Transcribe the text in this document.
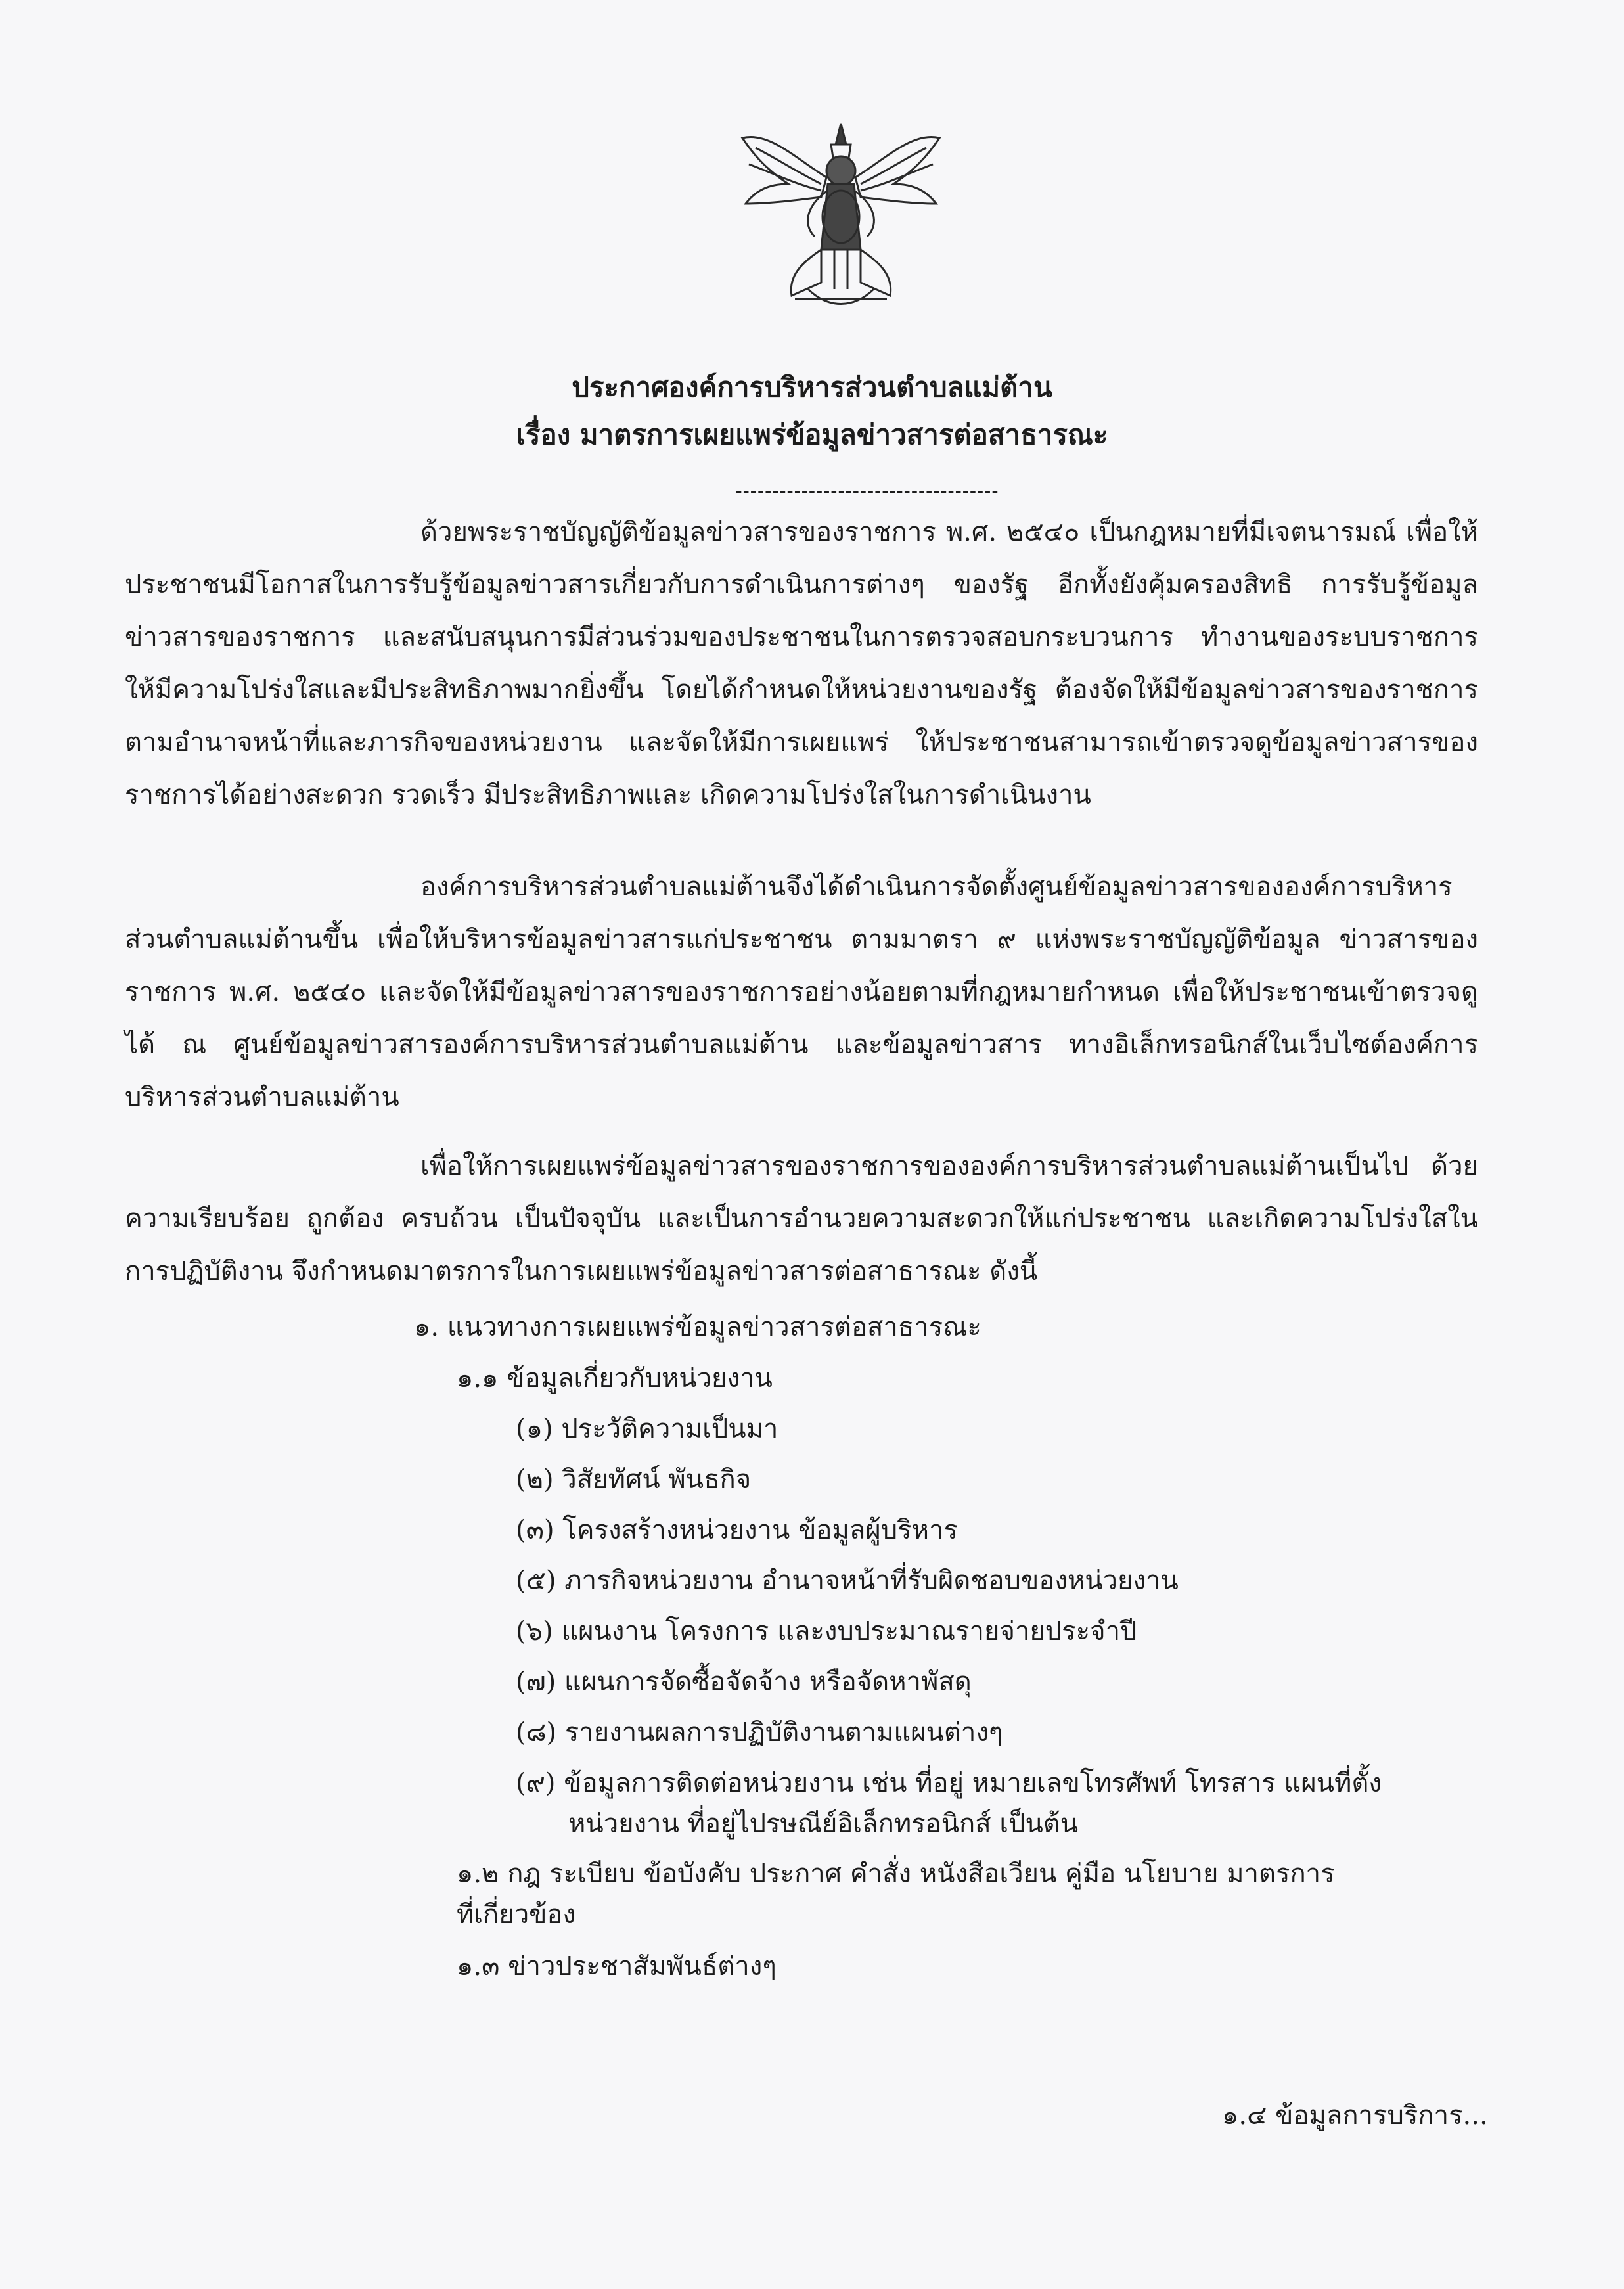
ประกาศองค์การบริหารส่วนตำบลแม่ต้าน
เรื่อง มาตรการเผยแพร่ข้อมูลข่าวสารต่อสาธารณะ
------------------------------------

ด้วยพระราชบัญญัติข้อมูลข่าวสารของราชการ พ.ศ. ๒๕๔๐ เป็นกฎหมายที่มีเจตนารมณ์ เพื่อให้ประชาชนมีโอกาสในการรับรู้ข้อมูลข่าวสารเกี่ยวกับการดำเนินการต่างๆ ของรัฐ อีกทั้งยังคุ้มครองสิทธิ การรับรู้ข้อมูลข่าวสารของราชการ และสนับสนุนการมีส่วนร่วมของประชาชนในการตรวจสอบกระบวนการ ทำงานของระบบราชการ ให้มีความโปร่งใสและมีประสิทธิภาพมากยิ่งขึ้น โดยได้กำหนดให้หน่วยงานของรัฐ ต้องจัดให้มีข้อมูลข่าวสารของราชการ ตามอำนาจหน้าที่และภารกิจของหน่วยงาน และจัดให้มีการเผยแพร่ ให้ประชาชนสามารถเข้าตรวจดูข้อมูลข่าวสารของราชการได้อย่างสะดวก รวดเร็ว มีประสิทธิภาพและ เกิดความโปร่งใสในการดำเนินงาน

องค์การบริหารส่วนตำบลแม่ต้านจึงได้ดำเนินการจัดตั้งศูนย์ข้อมูลข่าวสารขององค์การบริหาร ส่วนตำบลแม่ต้านขึ้น เพื่อให้บริหารข้อมูลข่าวสารแก่ประชาชน ตามมาตรา ๙ แห่งพระราชบัญญัติข้อมูล ข่าวสารของราชการ พ.ศ. ๒๕๔๐ และจัดให้มีข้อมูลข่าวสารของราชการอย่างน้อยตามที่กฎหมายกำหนด เพื่อให้ประชาชนเข้าตรวจดูได้ ณ ศูนย์ข้อมูลข่าวสารองค์การบริหารส่วนตำบลแม่ต้าน และข้อมูลข่าวสาร ทางอิเล็กทรอนิกส์ในเว็บไซต์องค์การบริหารส่วนตำบลแม่ต้าน

เพื่อให้การเผยแพร่ข้อมูลข่าวสารของราชการขององค์การบริหารส่วนตำบลแม่ต้านเป็นไป ด้วยความเรียบร้อย ถูกต้อง ครบถ้วน เป็นปัจจุบัน และเป็นการอำนวยความสะดวกให้แก่ประชาชน และเกิดความโปร่งใสในการปฏิบัติงาน จึงกำหนดมาตรการในการเผยแพร่ข้อมูลข่าวสารต่อสาธารณะ ดังนี้

๑. แนวทางการเผยแพร่ข้อมูลข่าวสารต่อสาธารณะ
๑.๑ ข้อมูลเกี่ยวกับหน่วยงาน
(๑) ประวัติความเป็นมา
(๒) วิสัยทัศน์ พันธกิจ
(๓) โครงสร้างหน่วยงาน ข้อมูลผู้บริหาร
(๕) ภารกิจหน่วยงาน อำนาจหน้าที่รับผิดชอบของหน่วยงาน
(๖) แผนงาน โครงการ และงบประมาณรายจ่ายประจำปี
(๗) แผนการจัดซื้อจัดจ้าง หรือจัดหาพัสดุ
(๘) รายงานผลการปฏิบัติงานตามแผนต่างๆ
(๙) ข้อมูลการติดต่อหน่วยงาน เช่น ที่อยู่ หมายเลขโทรศัพท์ โทรสาร แผนที่ตั้ง
หน่วยงาน ที่อยู่ไปรษณีย์อิเล็กทรอนิกส์ เป็นต้น
๑.๒ กฎ ระเบียบ ข้อบังคับ ประกาศ คำสั่ง หนังสือเวียน คู่มือ นโยบาย มาตรการ
ที่เกี่ยวข้อง
๑.๓ ข่าวประชาสัมพันธ์ต่างๆ
๑.๔ ข้อมูลการบริการ...
